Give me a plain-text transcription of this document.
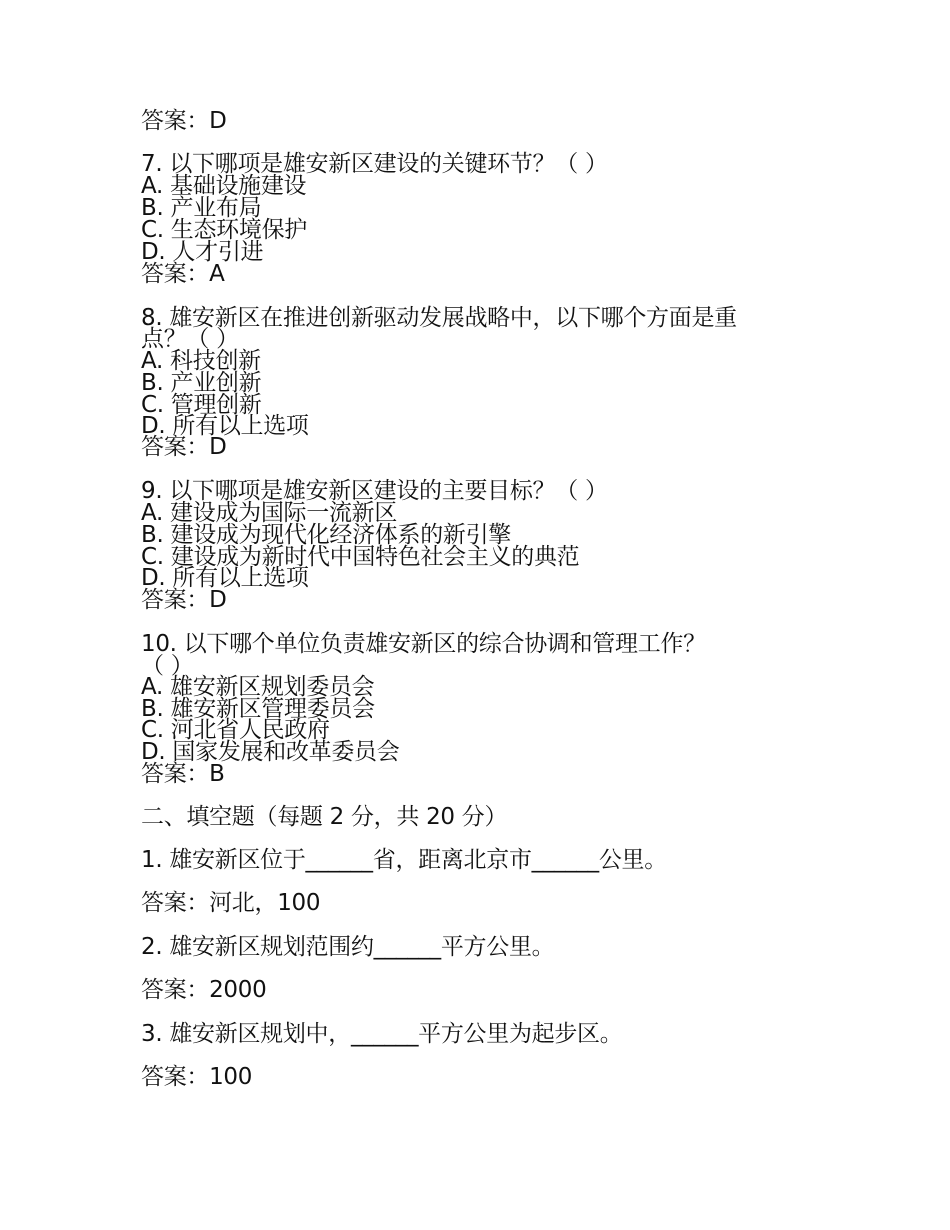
答案：D
7. 以下哪项是雄安新区建设的关键环节？（ ）
A. 基础设施建设
B. 产业布局
C. 生态环境保护
D. 人才引进
答案：A
8. 雄安新区在推进创新驱动发展战略中，以下哪个方面是重
点？（ ）
A. 科技创新
B. 产业创新
C. 管理创新
D. 所有以上选项
答案：D
9. 以下哪项是雄安新区建设的主要目标？（ ）
A. 建设成为国际一流新区
B. 建设成为现代化经济体系的新引擎
C. 建设成为新时代中国特色社会主义的典范
D. 所有以上选项
答案：D
10. 以下哪个单位负责雄安新区的综合协调和管理工作？
（ ）
A. 雄安新区规划委员会
B. 雄安新区管理委员会
C. 河北省人民政府
D. 国家发展和改革委员会
答案：B
二、填空题（每题 2 分，共 20 分）
1. 雄安新区位于______省，距离北京市______公里。
答案：河北，100
2. 雄安新区规划范围约______平方公里。
答案：2000
3. 雄安新区规划中，______平方公里为起步区。
答案：100
